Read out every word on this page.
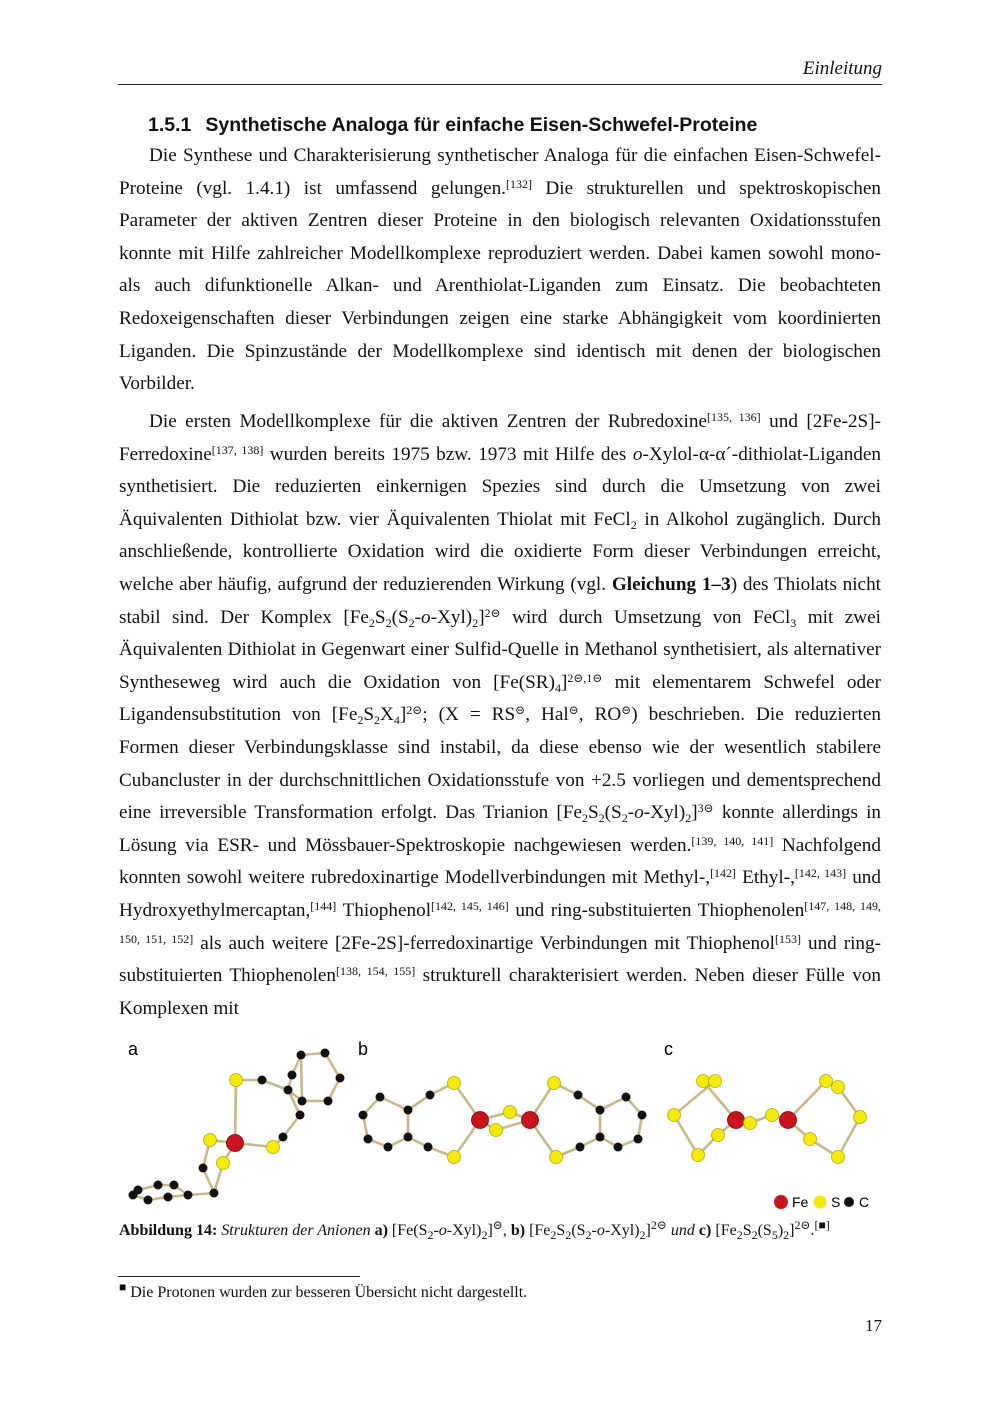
Einleitung
1.5.1 Synthetische Analoga für einfache Eisen-Schwefel-Proteine
Die Synthese und Charakterisierung synthetischer Analoga für die einfachen Eisen-Schwefel-Proteine (vgl. 1.4.1) ist umfassend gelungen.[132] Die strukturellen und spektroskopischen Parameter der aktiven Zentren dieser Proteine in den biologisch relevanten Oxidationsstufen konnte mit Hilfe zahlreicher Modellkomplexe reproduziert werden. Dabei kamen sowohl mono- als auch difunktionelle Alkan- und Arenthiolat-Liganden zum Einsatz. Die beobachteten Redoxeigenschaften dieser Verbindungen zeigen eine starke Abhängigkeit vom koordinierten Liganden. Die Spinzustände der Modellkomplexe sind identisch mit denen der biologischen Vorbilder.
Die ersten Modellkomplexe für die aktiven Zentren der Rubredoxine[135, 136] und [2Fe-2S]-Ferredoxine[137, 138] wurden bereits 1975 bzw. 1973 mit Hilfe des o-Xylol-α-α´-dithiolat-Liganden synthetisiert. Die reduzierten einkernigen Spezies sind durch die Umsetzung von zwei Äquivalenten Dithiolat bzw. vier Äquivalenten Thiolat mit FeCl$_2$ in Alkohol zugänglich. Durch anschließende, kontrollierte Oxidation wird die oxidierte Form dieser Verbindungen erreicht, welche aber häufig, aufgrund der reduzierenden Wirkung (vgl. Gleichung 1–3) des Thiolats nicht stabil sind. Der Komplex $[Fe_2S_2(S_2-o-Xyl)_2]^{2⊝}$ wird durch Umsetzung von FeCl$_3$ mit zwei Äquivalenten Dithiolat in Gegenwart einer Sulfid-Quelle in Methanol synthetisiert, als alternativer Syntheseweg wird auch die Oxidation von $[Fe(SR)_4]^{2⊝,1⊝}$ mit elementarem Schwefel oder Ligandensubstitution von $[Fe_2S_2X_4]^{2⊝}$; (X = RS⊝, Hal⊝, RO⊝) beschrieben. Die reduzierten Formen dieser Verbindungsklasse sind instabil, da diese ebenso wie der wesentlich stabilere Cubancluster in der durchschnittlichen Oxidationsstufe von +2.5 vorliegen und dementsprechend eine irreversible Transformation erfolgt. Das Trianion $[Fe_2S_2(S_2-o-Xyl)_2]^{3⊝}$ konnte allerdings in Lösung via ESR- und Mössbauer-Spektroskopie nachgewiesen werden.[139, 140, 141] Nachfolgend konnten sowohl weitere rubredoxinartige Modellverbindungen mit Methyl-,[142] Ethyl-,[142, 143] und Hydroxyethylmercaptan,[144] Thiophenol[142, 145, 146] und ring-substituierten Thiophenolen[147, 148, 149, 150, 151, 152] als auch weitere [2Fe-2S]-ferredoxinartige Verbindungen mit Thiophenol[153] und ring-substituierten Thiophenolen[138, 154, 155] strukturell charakterisiert werden. Neben dieser Fülle von Komplexen mit
a	b	c
Fe S C
Abbildung 14: Strukturen der Anionen a) $[Fe(S_2-o-Xyl)_2]^⊝$, b) $[Fe_2S_2(S_2-o-Xyl)_2]^{2⊝}$ und c) $[Fe_2S_2(S_5)_2]^{2⊝}.[■]$
■ Die Protonen wurden zur besseren Übersicht nicht dargestellt.
17
